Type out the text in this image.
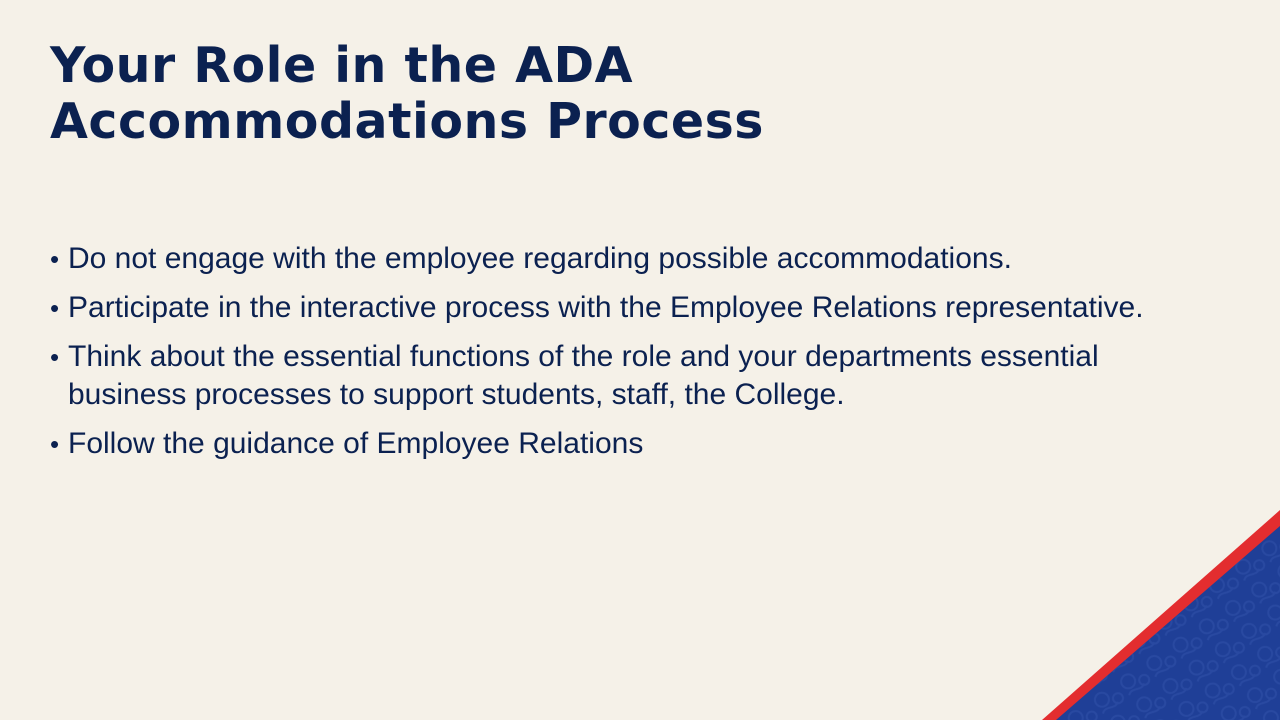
Your Role in the ADA
Accommodations Process
• Do not engage with the employee regarding possible accommodations.
• Participate in the interactive process with the Employee Relations representative.
• Think about the essential functions of the role and your departments essential business processes to support students, staff, the College.
• Follow the guidance of Employee Relations
